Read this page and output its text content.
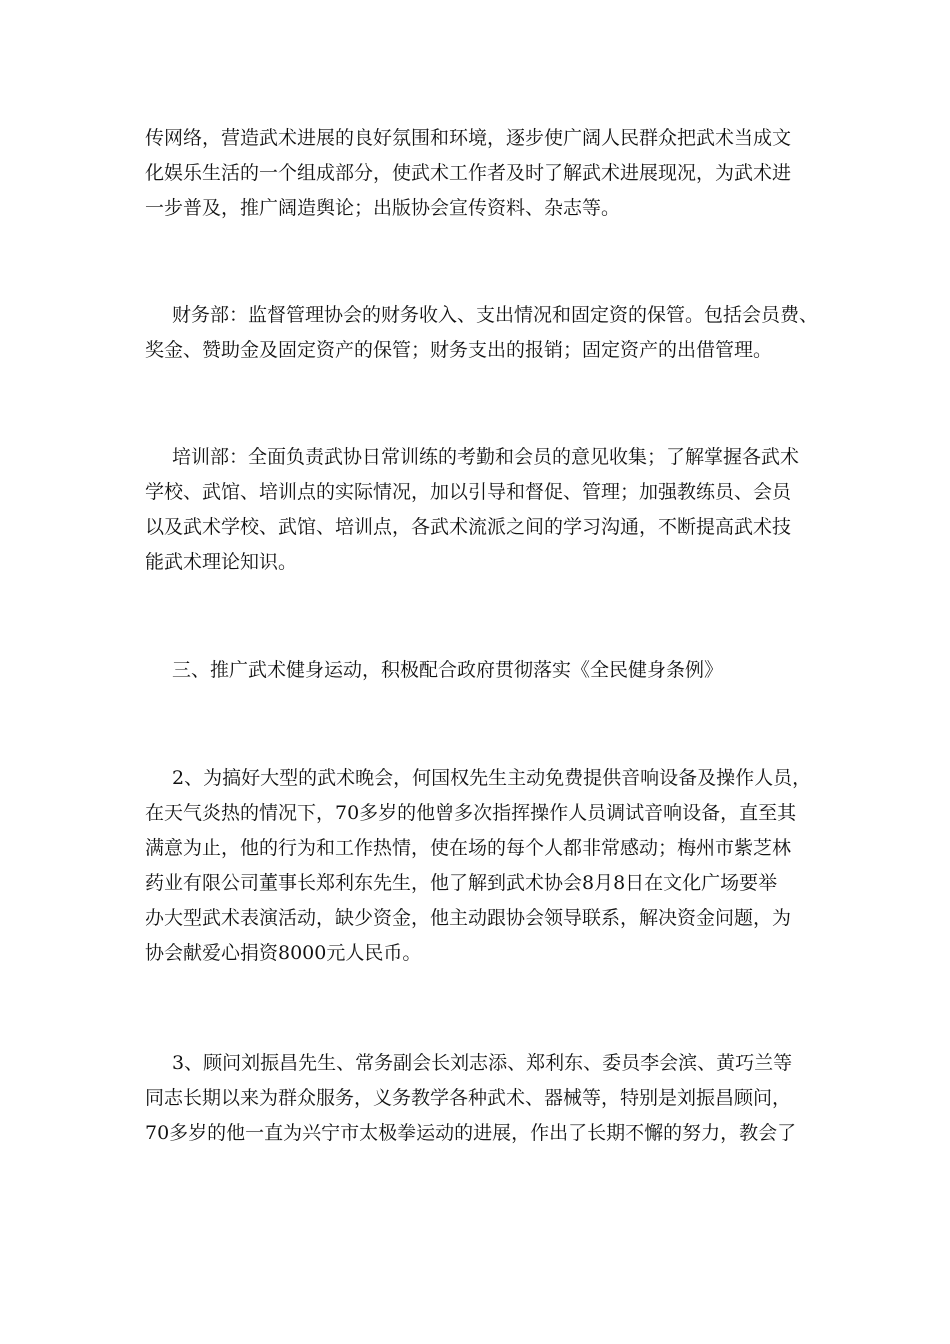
传网络，营造武术进展的良好氛围和环境，逐步使广阔人民群众把武术当成文
化娱乐生活的一个组成部分，使武术工作者及时了解武术进展现况，为武术进
一步普及，推广阔造舆论；出版协会宣传资料、杂志等。
财务部：监督管理协会的财务收入、支出情况和固定资的保管。包括会员费、
奖金、赞助金及固定资产的保管；财务支出的报销；固定资产的出借管理。
培训部：全面负责武协日常训练的考勤和会员的意见收集；了解掌握各武术
学校、武馆、培训点的实际情况，加以引导和督促、管理；加强教练员、会员
以及武术学校、武馆、培训点，各武术流派之间的学习沟通，不断提高武术技
能武术理论知识。
三、推广武术健身运动，积极配合政府贯彻落实《全民健身条例》
2、为搞好大型的武术晚会，何国权先生主动免费提供音响设备及操作人员，
在天气炎热的情况下，70多岁的他曾多次指挥操作人员调试音响设备，直至其
满意为止，他的行为和工作热情，使在场的每个人都非常感动；梅州市紫芝林
药业有限公司董事长郑利东先生，他了解到武术协会8月8日在文化广场要举
办大型武术表演活动，缺少资金，他主动跟协会领导联系，解决资金问题，为
协会献爱心捐资8000元人民币。
3、顾问刘振昌先生、常务副会长刘志添、郑利东、委员李会滨、黄巧兰等
同志长期以来为群众服务，义务教学各种武术、器械等，特别是刘振昌顾问，
70多岁的他一直为兴宁市太极拳运动的进展，作出了长期不懈的努力，教会了
